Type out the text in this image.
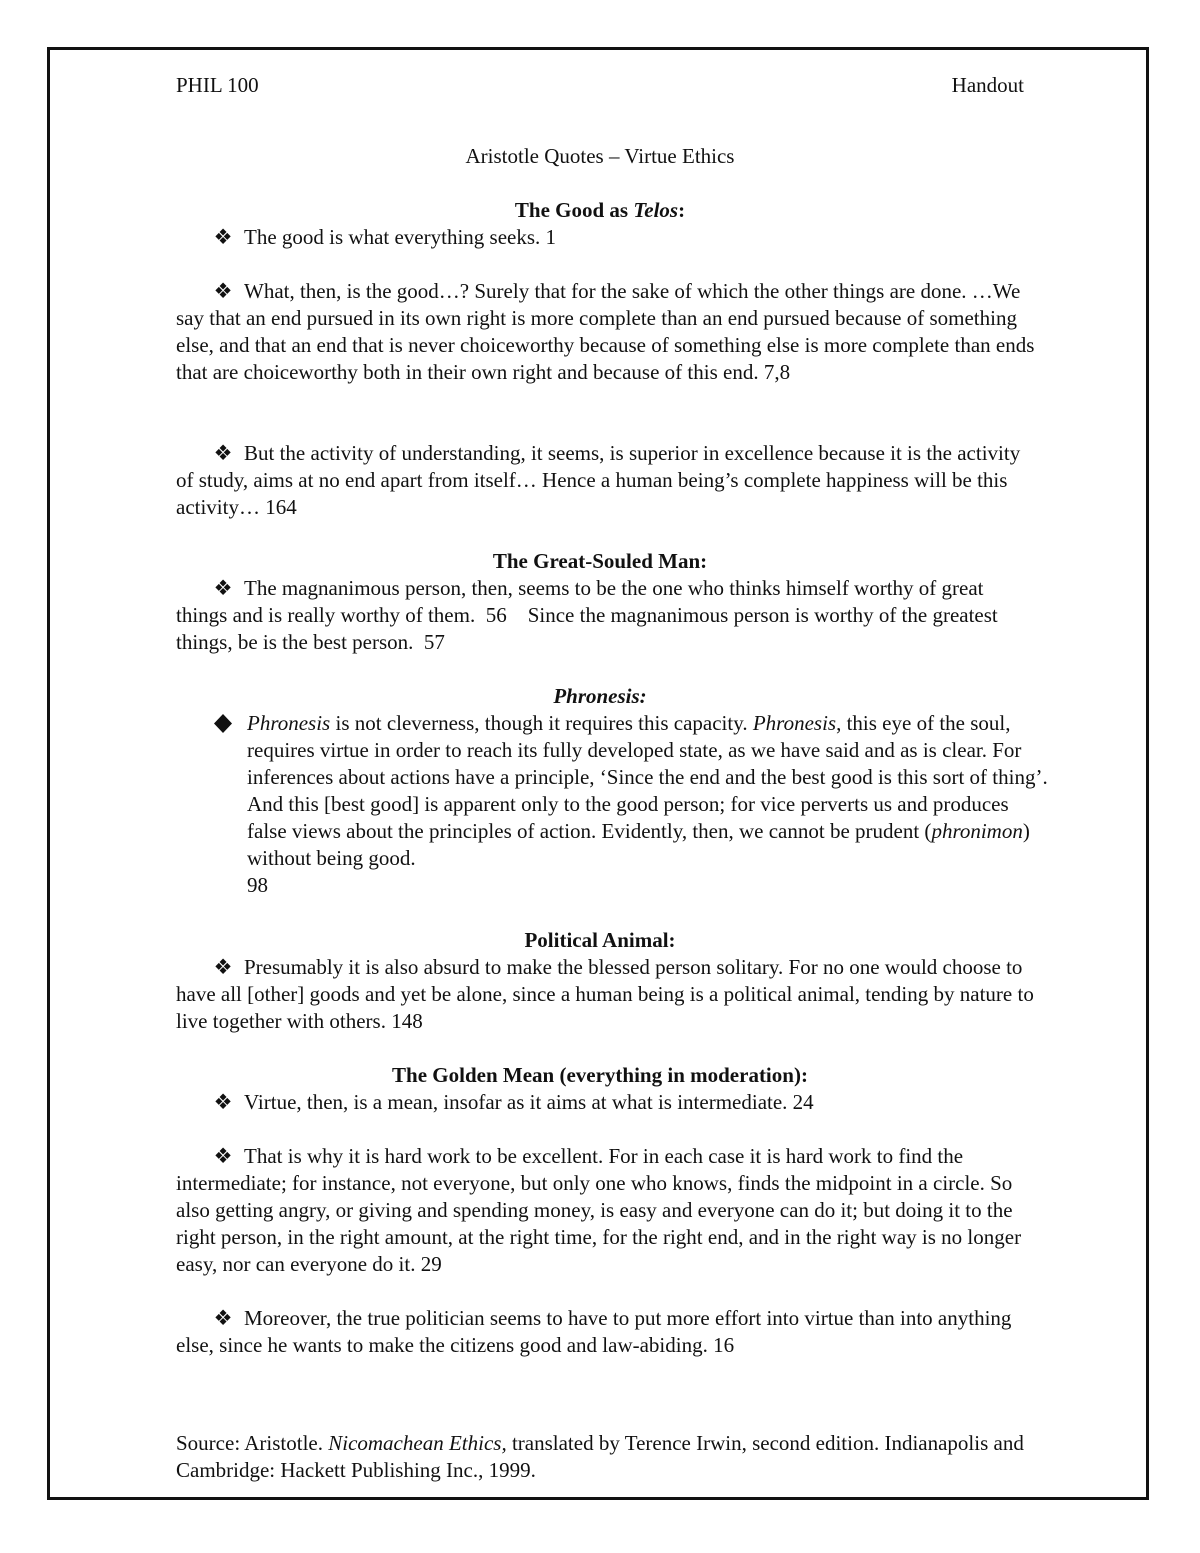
PHIL 100	Handout
Aristotle Quotes – Virtue Ethics
The Good as Telos:
❖ The good is what everything seeks. 1
❖ What, then, is the good…? Surely that for the sake of which the other things are done. …We say that an end pursued in its own right is more complete than an end pursued because of something else, and that an end that is never choiceworthy because of something else is more complete than ends that are choiceworthy both in their own right and because of this end. 7,8
❖ But the activity of understanding, it seems, is superior in excellence because it is the activity of study, aims at no end apart from itself… Hence a human being’s complete happiness will be this activity… 164
The Great-Souled Man:
❖ The magnanimous person, then, seems to be the one who thinks himself worthy of great things and is really worthy of them.  56    Since the magnanimous person is worthy of the greatest things, be is the best person.  57
Phronesis:
Phronesis is not cleverness, though it requires this capacity. Phronesis, this eye of the soul, requires virtue in order to reach its fully developed state, as we have said and as is clear. For inferences about actions have a principle, ‘Since the end and the best good is this sort of thing’. And this [best good] is apparent only to the good person; for vice perverts us and produces false views about the principles of action. Evidently, then, we cannot be prudent (phronimon) without being good.
98
Political Animal:
❖ Presumably it is also absurd to make the blessed person solitary. For no one would choose to have all [other] goods and yet be alone, since a human being is a political animal, tending by nature to live together with others. 148
The Golden Mean (everything in moderation):
❖ Virtue, then, is a mean, insofar as it aims at what is intermediate. 24
❖ That is why it is hard work to be excellent. For in each case it is hard work to find the intermediate; for instance, not everyone, but only one who knows, finds the midpoint in a circle. So also getting angry, or giving and spending money, is easy and everyone can do it; but doing it to the right person, in the right amount, at the right time, for the right end, and in the right way is no longer easy, nor can everyone do it. 29
❖ Moreover, the true politician seems to have to put more effort into virtue than into anything else, since he wants to make the citizens good and law-abiding. 16
Source: Aristotle. Nicomachean Ethics, translated by Terence Irwin, second edition. Indianapolis and Cambridge: Hackett Publishing Inc., 1999.
